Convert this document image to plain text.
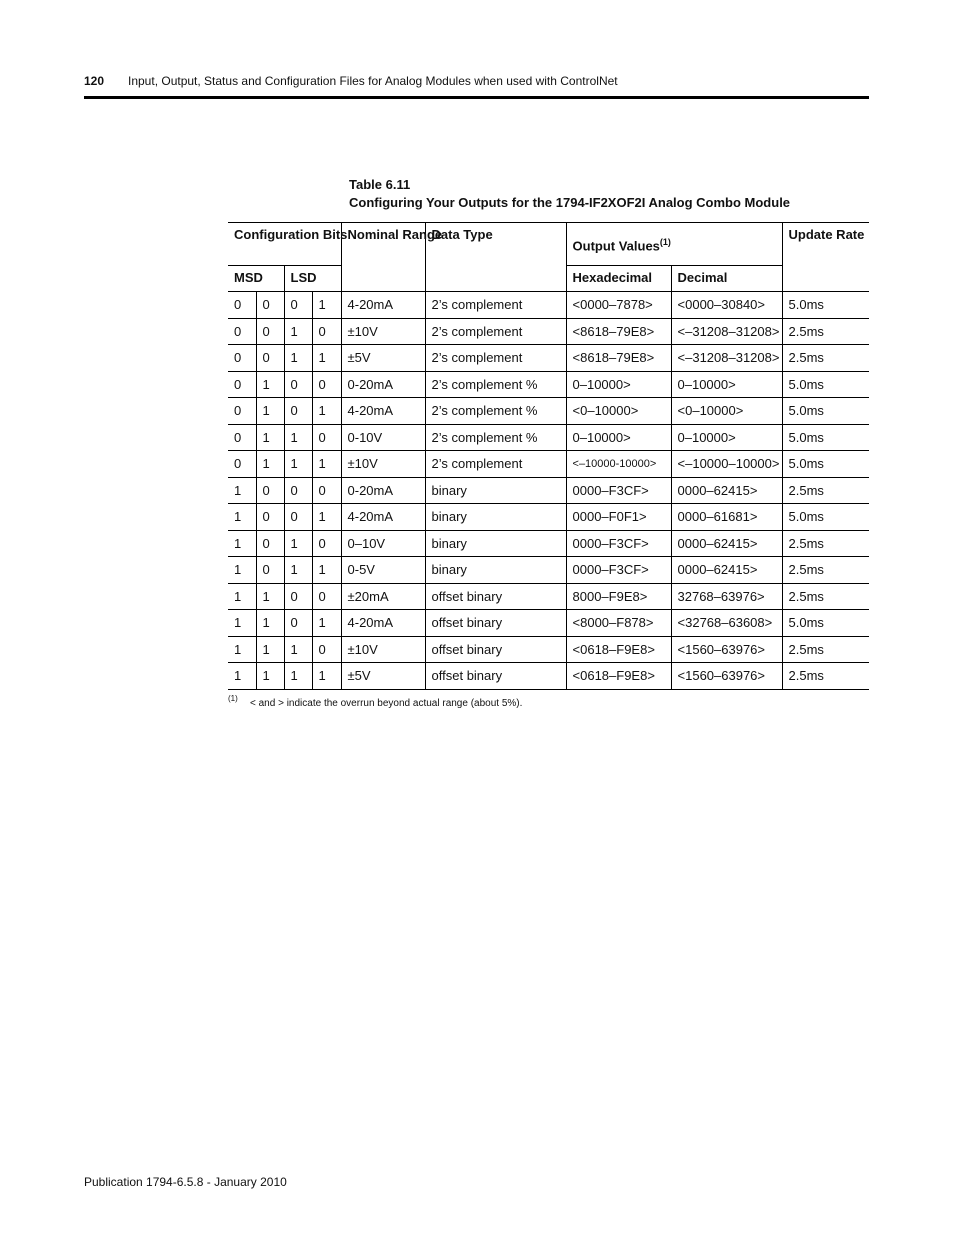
120 Input, Output, Status and Configuration Files for Analog Modules when used with ControlNet
Table 6.11
Configuring Your Outputs for the 1794-IF2XOF2I Analog Combo Module
Configuration Bits				Nominal Range	Data Type	Output Values$^{(1)}$		Update Rate
MSD		LSD				Hexadecimal	Decimal	
0	0	0	1	4-20mA	2’s complement	<0000–7878>	<0000–30840>	5.0ms
0	0	1	0	±10V	2’s complement	<8618–79E8>	<–31208–31208>	2.5ms
0	0	1	1	±5V	2’s complement	<8618–79E8>	<–31208–31208>	2.5ms
0	1	0	0	0-20mA	2’s complement %	0–10000>	0–10000>	5.0ms
0	1	0	1	4-20mA	2’s complement %	<0–10000>	<0–10000>	5.0ms
0	1	1	0	0-10V	2’s complement %	0–10000>	0–10000>	5.0ms
0	1	1	1	±10V	2’s complement	<–10000-10000>	<–10000–10000>	5.0ms
1	0	0	0	0-20mA	binary	0000–F3CF>	0000–62415>	2.5ms
1	0	0	1	4-20mA	binary	0000–F0F1>	0000–61681>	5.0ms
1	0	1	0	0–10V	binary	0000–F3CF>	0000–62415>	2.5ms
1	0	1	1	0-5V	binary	0000–F3CF>	0000–62415>	2.5ms
1	1	0	0	±20mA	offset binary	8000–F9E8>	32768–63976>	2.5ms
1	1	0	1	4-20mA	offset binary	<8000–F878>	<32768–63608>	5.0ms
1	1	1	0	±10V	offset binary	<0618–F9E8>	<1560–63976>	2.5ms
1	1	1	1	±5V	offset binary	<0618–F9E8>	<1560–63976>	2.5ms
(1) < and > indicate the overrun beyond actual range (about 5%).
Publication 1794-6.5.8 - January 2010
